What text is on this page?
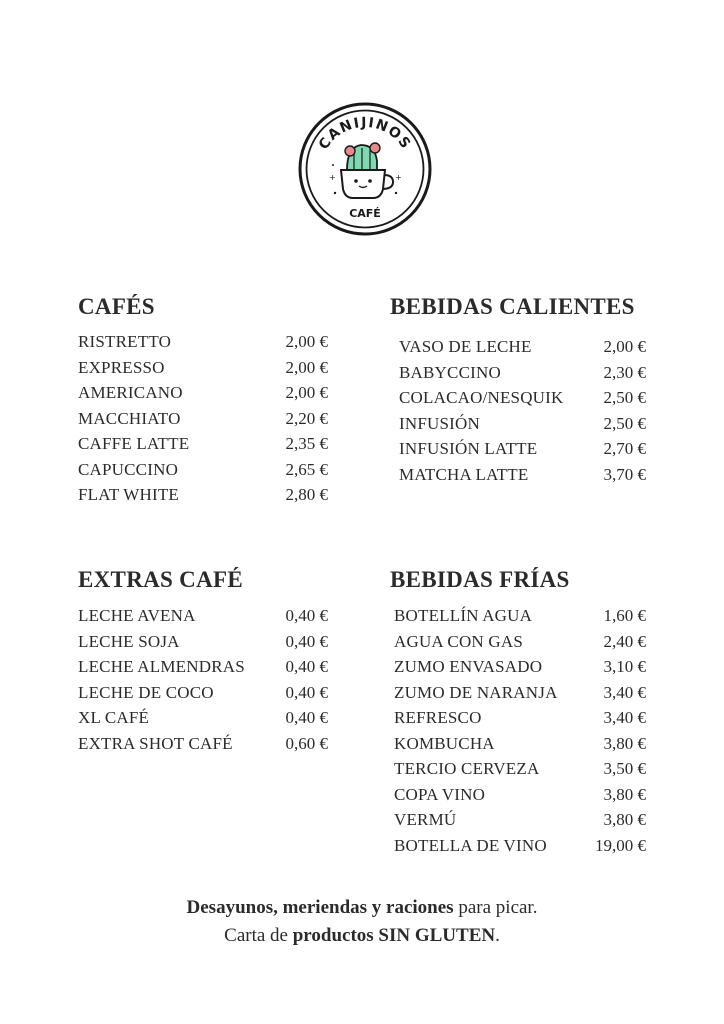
CANIJINOS
CAFÉ
+	+
CAFÉS
RISTRETTO	2,00 €
EXPRESSO	2,00 €
AMERICANO	2,00 €
MACCHIATO	2,20 €
CAFFE LATTE	2,35 €
CAPUCCINO	2,65 €
FLAT WHITE	2,80 €
BEBIDAS CALIENTES
VASO DE LECHE	2,00 €
BABYCCINO	2,30 €
COLACAO/NESQUIK 2,50 €
INFUSIÓN	2,50 €
INFUSIÓN LATTE	2,70 €
MATCHA LATTE	3,70 €
EXTRAS CAFÉ
LECHE AVENA	0,40 €
LECHE SOJA	0,40 €
LECHE ALMENDRAS 0,40 €
LECHE DE COCO	0,40 €
XL CAFÉ	0,40 €
EXTRA SHOT CAFÉ	0,60 €
BEBIDAS FRÍAS
BOTELLÍN AGUA	1,60 €
AGUA CON GAS	2,40 €
ZUMO ENVASADO	3,10 €
ZUMO DE NARANJA	3,40 €
REFRESCO	3,40 €
KOMBUCHA	3,80 €
TERCIO CERVEZA	3,50 €
COPA VINO	3,80 €
VERMÚ	3,80 €
BOTELLA DE VINO	19,00 €
Desayunos, meriendas y raciones para picar.
Carta de productos SIN GLUTEN.
